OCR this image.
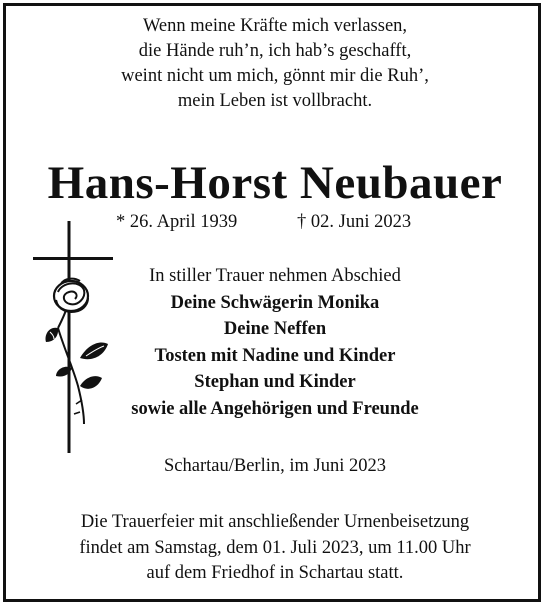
Wenn meine Kräfte mich verlassen,
die Hände ruh’n, ich hab’s geschafft,
weint nicht um mich, gönnt mir die Ruh’,
mein Leben ist vollbracht.
Hans-Horst Neubauer
* 26. April 1939	† 02. Juni 2023
In stiller Trauer nehmen Abschied
Deine Schwägerin Monika
Deine Neffen
Tosten mit Nadine und Kinder
Stephan und Kinder
sowie alle Angehörigen und Freunde
Schartau/Berlin, im Juni 2023
Die Trauerfeier mit anschließender Urnenbeisetzung
findet am Samstag, dem 01. Juli 2023, um 11.00 Uhr
auf dem Friedhof in Schartau statt.
